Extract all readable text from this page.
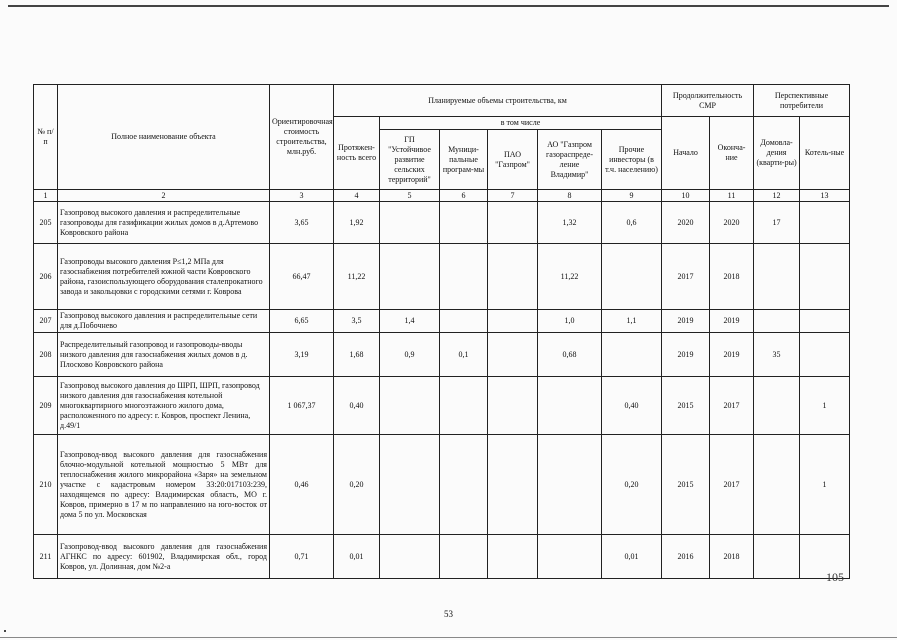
№ п/п	Полное наименование объекта	Ориентировочная стоимость строительства, млн.руб.	Планируемые объемы строительства, км						Продолжительность СМР		Перспективные потребители	
			Протяжен-ность всего	в том числе					Начало	Оконча-ние	Домовла-дения (кварти-ры)	Котель-ные
				ГП "Устойчивое развитие сельских территорий"	Муници-пальные програм-мы	ПАО "Газпром"	АО "Газпром газораспреде-ление Владимир"	Прочие инвесторы (в т.ч. населению)				
1	2	3	4	5	6	7	8	9	10	11	12	13
205	Газопровод высокого давления и распределительные газопроводы для газификации жилых домов в д.Артемово Ковровского района	3,65	1,92				1,32	0,6	2020	2020	17	
206	Газопроводы высокого давления Р≤1,2 МПа для газоснабжения потребителей южной части Ковровского района, газоиспользующего оборудования сталепрокатного завода и закольцовки с городскими сетями г. Коврова	66,47	11,22				11,22		2017	2018		
207	Газопровод высокого давления и распределительные сети для д.Побочнево	6,65	3,5	1,4			1,0	1,1	2019	2019		
208	Распределительный газопровод и газопроводы-вводы низкого давления для газоснабжения жилых домов в д. Плосково Ковровского района	3,19	1,68	0,9	0,1		0,68		2019	2019	35	
209	Газопровод высокого давления до ШРП, ШРП, газопровод низкого давления для газоснабжения котельной многоквартирного многоэтажного жилого дома, расположенного по адресу: г. Ковров, проспект Ленина, д.49/1	1 067,37	0,40					0,40	2015	2017		1
210	Газопровод-ввод высокого давления для газоснабжения блочно-модульной котельной мощностью 5 МВт для теплоснабжения жилого микрорайона «Заря» на земельном участке с кадастровым номером 33:20:017103:239, находящемся по адресу: Владимирская область, МО г. Ковров, примерно в 17 м по направлению на юго-восток от дома 5 по ул. Московская	0,46	0,20					0,20	2015	2017		1
211	Газопровод-ввод высокого давления для газоснабжения АГНКС по адресу: 601902, Владимирская обл., город Ковров, ул. Долинная, дом №2-а	0,71	0,01					0,01	2016	2018		
105
53
